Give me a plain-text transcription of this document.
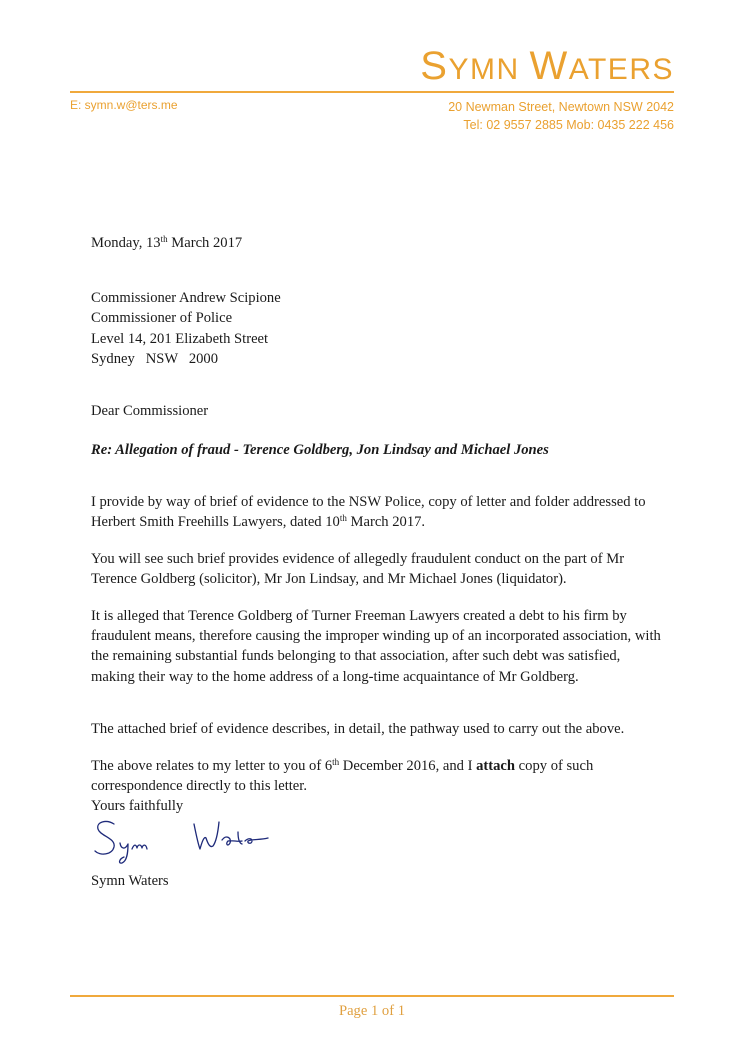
SYMN WATERS
E: symn.w@ters.me	20 Newman Street, Newtown NSW 2042
Tel: 02 9557 2885 Mob: 0435 222 456
Monday, 13th March 2017
Commissioner Andrew Scipione
Commissioner of Police
Level 14, 201 Elizabeth Street
Sydney   NSW   2000
Dear Commissioner
Re: Allegation of fraud - Terence Goldberg, Jon Lindsay and Michael Jones

I provide by way of brief of evidence to the NSW Police, copy of letter and folder addressed to Herbert Smith Freehills Lawyers, dated 10th March 2017.

You will see such brief provides evidence of allegedly fraudulent conduct on the part of Mr Terence Goldberg (solicitor), Mr Jon Lindsay, and Mr Michael Jones (liquidator).

It is alleged that Terence Goldberg of Turner Freeman Lawyers created a debt to his firm by fraudulent means, therefore causing the improper winding up of an incorporated association, with the remaining substantial funds belonging to that association, after such debt was satisfied, making their way to the home address of a long-time acquaintance of Mr Goldberg.

The attached brief of evidence describes, in detail, the pathway used to carry out the above.

The above relates to my letter to you of 6th December 2016, and I attach copy of such correspondence directly to this letter.

Yours faithfully
Symn Waters
Page 1 of 1
